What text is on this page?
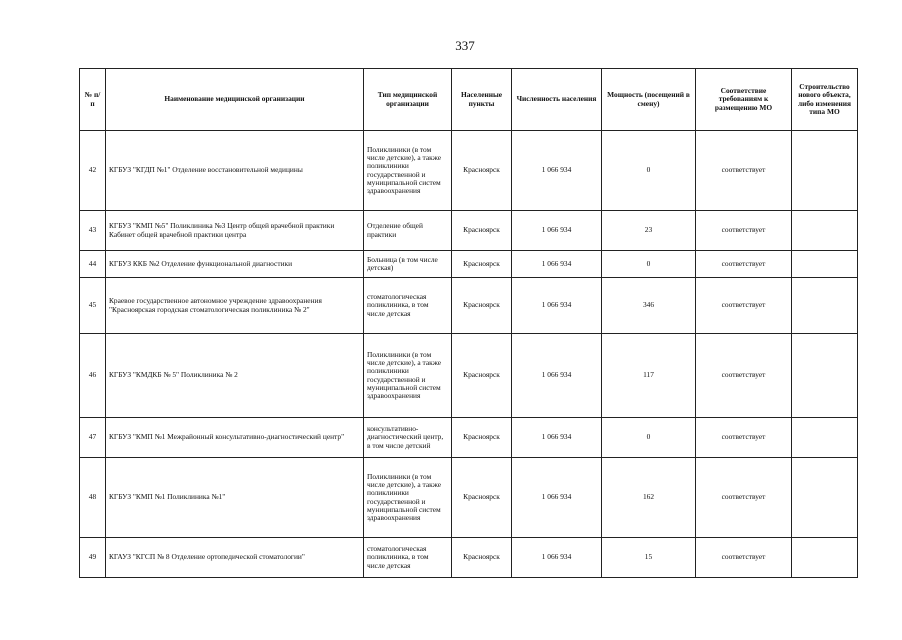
337
№ п/п	Наименование медицинской организации	Тип медицинской организации	Населенные пункты	Численность населения	Мощность (посещений в смену)	Соответствие требованиям к размещению МО	Строительство нового объекта, либо изменения типа МО
42	КГБУЗ "КГДП №1" Отделение восстановительной медицины	Поликлиники (в том числе детские), а также поликлиники государственной и муниципальной систем здравоохранения	Красноярск	1 066 934	0	соответствует	
43	КГБУЗ "КМП №5" Поликлиника №3 Центр общей врачебной практики Кабинет общей врачебной практики центра	Отделение общей практики	Красноярск	1 066 934	23	соответствует	
44	КГБУЗ ККБ №2 Отделение функциональной диагностики	Больница (в том числе детская)	Красноярск	1 066 934	0	соответствует	
45	Краевое государственное автономное учреждение здравоохранения "Красноярская городская стоматологическая поликлиника № 2"	стоматологическая поликлиника, в том числе детская	Красноярск	1 066 934	346	соответствует	
46	КГБУЗ "КМДКБ № 5" Поликлиника № 2	Поликлиники (в том числе детские), а также поликлиники государственной и муниципальной систем здравоохранения	Красноярск	1 066 934	117	соответствует	
47	КГБУЗ "КМП №1 Межрайонный консультативно-диагностический центр"	консультативно-диагностический центр, в том числе детский	Красноярск	1 066 934	0	соответствует	
48	КГБУЗ "КМП №1 Поликлиника №1"	Поликлиники (в том числе детские), а также поликлиники государственной и муниципальной систем здравоохранения	Красноярск	1 066 934	162	соответствует	
49	КГАУЗ "КГСП № 8 Отделение ортопедической стоматологии"	стоматологическая поликлиника, в том числе детская	Красноярск	1 066 934	15	соответствует	
